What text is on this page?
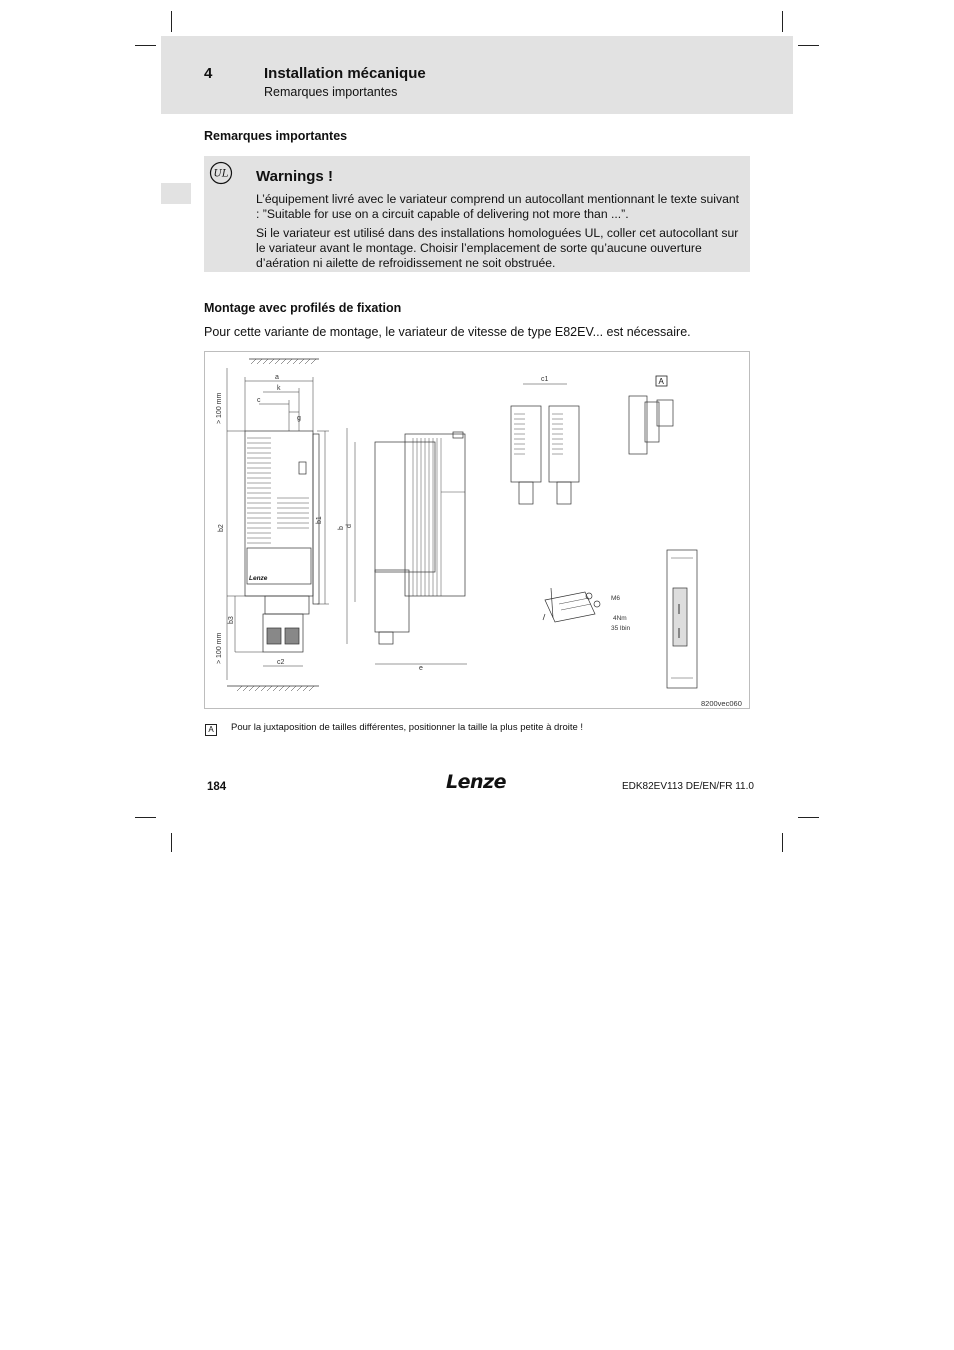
4	Installation mécanique
Remarques importantes
Remarques importantes
UL Warnings !

L’équipement livré avec le variateur comprend un autocollant mentionnant le texte suivant : ”Suitable for use on a circuit capable of delivering not more than ...”.

Si le variateur est utilisé dans des installations homologuées UL, coller cet autocollant sur le variateur avant le montage. Choisir l’emplacement de sorte qu’aucune ouverture d’aération ni ailette de refroidissement ne soit obstruée.

Montage avec profilés de fixation
Pour cette variante de montage, le variateur de vitesse de type E82EV... est nécessaire.
Lenze
a
k
c
g
b1
b2
b3
c2
> 100 mm
> 100 mm
b
d
e
c1	A
M6
4Nm
35 lbin
8200vec060
A	Pour la juxtaposition de tailles différentes, positionner la taille la plus petite à droite !
184	Lenze	EDK82EV113 DE/EN/FR 11.0
